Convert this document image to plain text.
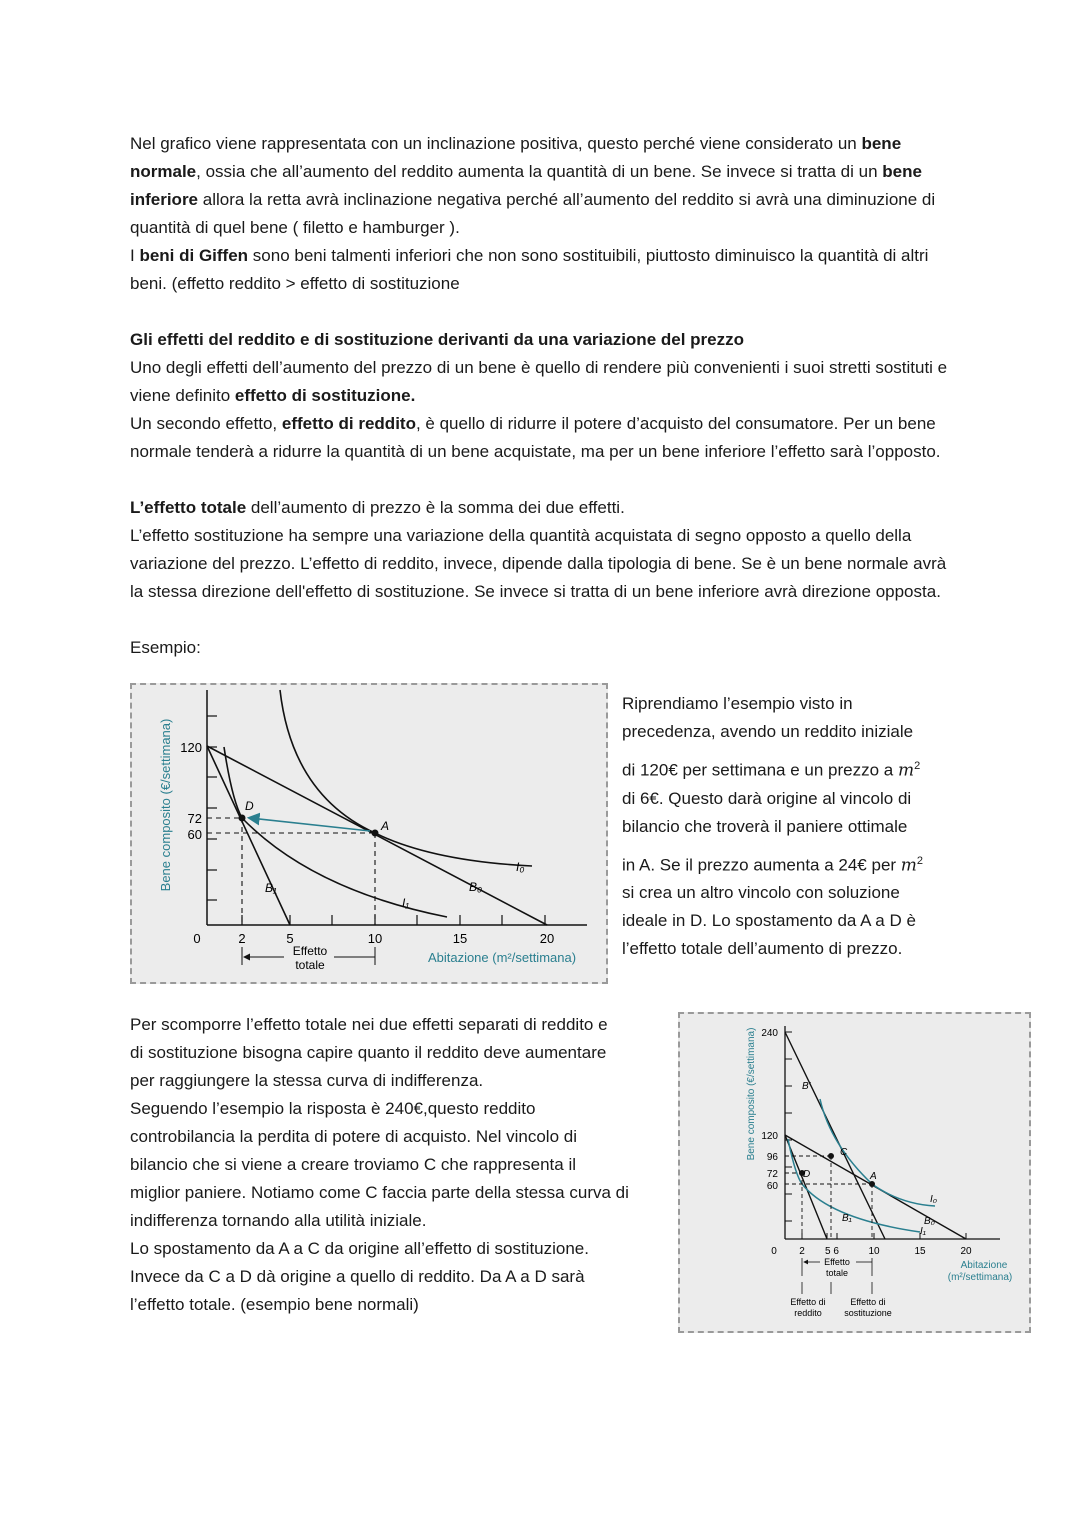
Nel grafico viene rappresentata con un inclinazione positiva, questo perché viene considerato un bene normale, ossia che all’aumento del reddito aumenta la quantità di un bene. Se invece si tratta di un bene inferiore allora la retta avrà inclinazione negativa perché all’aumento del reddito si avrà una diminuzione di quantità di quel bene ( filetto e hamburger ).

I beni di Giffen sono beni talmenti inferiori che non sono sostituibili, piuttosto diminuisco la quantità di altri beni. (effetto reddito > effetto di sostituzione

Gli effetti del reddito e di sostituzione derivanti da una variazione del prezzo

Uno degli effetti dell’aumento del prezzo di un bene è quello di rendere più convenienti i suoi stretti sostituti e viene definito effetto di sostituzione.

Un secondo effetto, effetto di reddito, è quello di ridurre il potere d’acquisto del consumatore. Per un bene normale tenderà a ridurre la quantità di un bene acquistate, ma per un bene inferiore l’effetto sarà l’opposto.

L’effetto totale dell’aumento di prezzo è la somma dei due effetti.

L’effetto sostituzione ha sempre una variazione della quantità acquistata di segno opposto a quello della variazione del prezzo. L’effetto di reddito, invece, dipende dalla tipologia di bene. Se è un bene normale avrà la stessa direzione dell'effetto di sostituzione. Se invece si tratta di un bene inferiore avrà direzione opposta.

Esempio:

D
A
I₀
I₁
B₀
B₁
120
72
60
0	2	5	10	15	20
Effetto
totale	Abitazione (m²/settimana)
Bene composito (€/settimana)
Riprendiamo l’esempio visto in
precedenza, avendo un reddito iniziale
di 120€ per settimana e un prezzo a $m^2$
di 6€. Questo darà origine al vincolo di
bilancio che troverà il paniere ottimale
in A. Se il prezzo aumenta a 24€ per $m^2$
si crea un altro vincolo con soluzione
ideale in D. Lo spostamento da A a D è
l’effetto totale dell’aumento di prezzo.
Per scomporre l’effetto totale nei due effetti separati di reddito e
di sostituzione bisogna capire quanto il reddito deve aumentare
per raggiungere la stessa curva di indifferenza.
Seguendo l’esempio la risposta è 240€,questo reddito
controbilancia la perdita di potere di acquisto. Nel vincolo di
bilancio che si viene a creare troviamo C che rappresenta il
miglior paniere. Notiamo come C faccia parte della stessa curva di
indifferenza tornando alla utilità iniziale.
Lo spostamento da A a C da origine all’effetto di sostituzione.
Invece da C a D dà origine a quello di reddito. Da A a D sarà
l’effetto totale. (esempio bene normali)
C
A
D
B′
B₀
B₁
I₀
I₁
240
120
96
72
60
0 2 5 6	10	15	20
Effetto
totale
Effetto di
reddito
Effetto di
sostituzione
Abitazione
(m²/settimana)
Bene composito (€/settimana)
